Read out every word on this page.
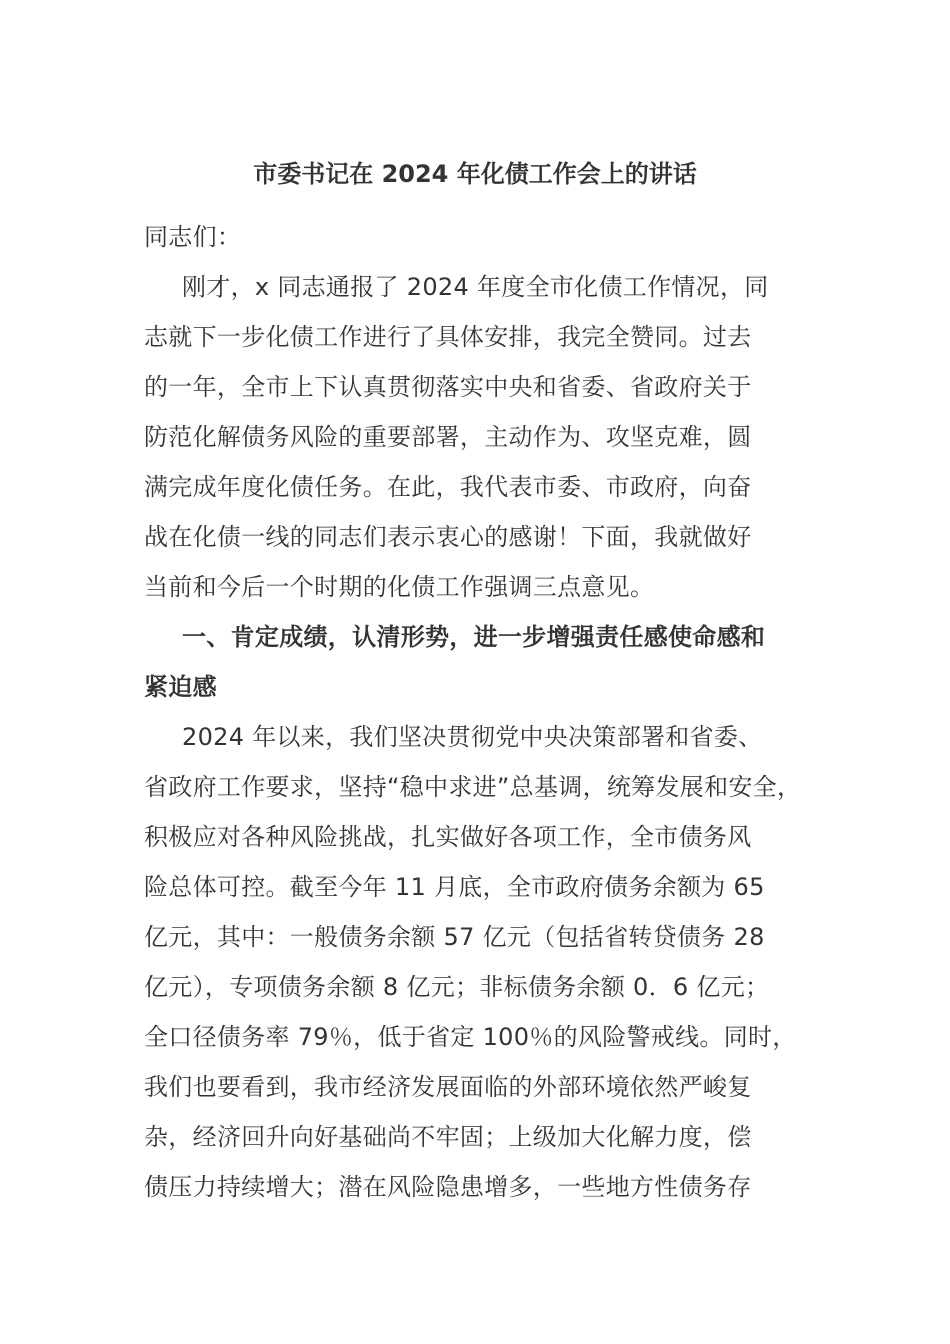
市委书记在 2024 年化债工作会上的讲话
同志们：
刚才，x 同志通报了 2024 年度全市化债工作情况，同
志就下一步化债工作进行了具体安排，我完全赞同。过去
的一年，全市上下认真贯彻落实中央和省委、省政府关于
防范化解债务风险的重要部署，主动作为、攻坚克难，圆
满完成年度化债任务。在此，我代表市委、市政府，向奋
战在化债一线的同志们表示衷心的感谢！下面，我就做好
当前和今后一个时期的化债工作强调三点意见。
一、肯定成绩，认清形势，进一步增强责任感使命感和
紧迫感
2024 年以来，我们坚决贯彻党中央决策部署和省委、
省政府工作要求，坚持“稳中求进”总基调，统筹发展和安全，
积极应对各种风险挑战，扎实做好各项工作，全市债务风
险总体可控。截至今年 11 月底，全市政府债务余额为 65
亿元，其中：一般债务余额 57 亿元（包括省转贷债务 28
亿元），专项债务余额 8 亿元；非标债务余额 0．6 亿元；
全口径债务率 79％，低于省定 100％的风险警戒线。同时，
我们也要看到，我市经济发展面临的外部环境依然严峻复
杂，经济回升向好基础尚不牢固；上级加大化解力度，偿
债压力持续增大；潜在风险隐患增多，一些地方性债务存
